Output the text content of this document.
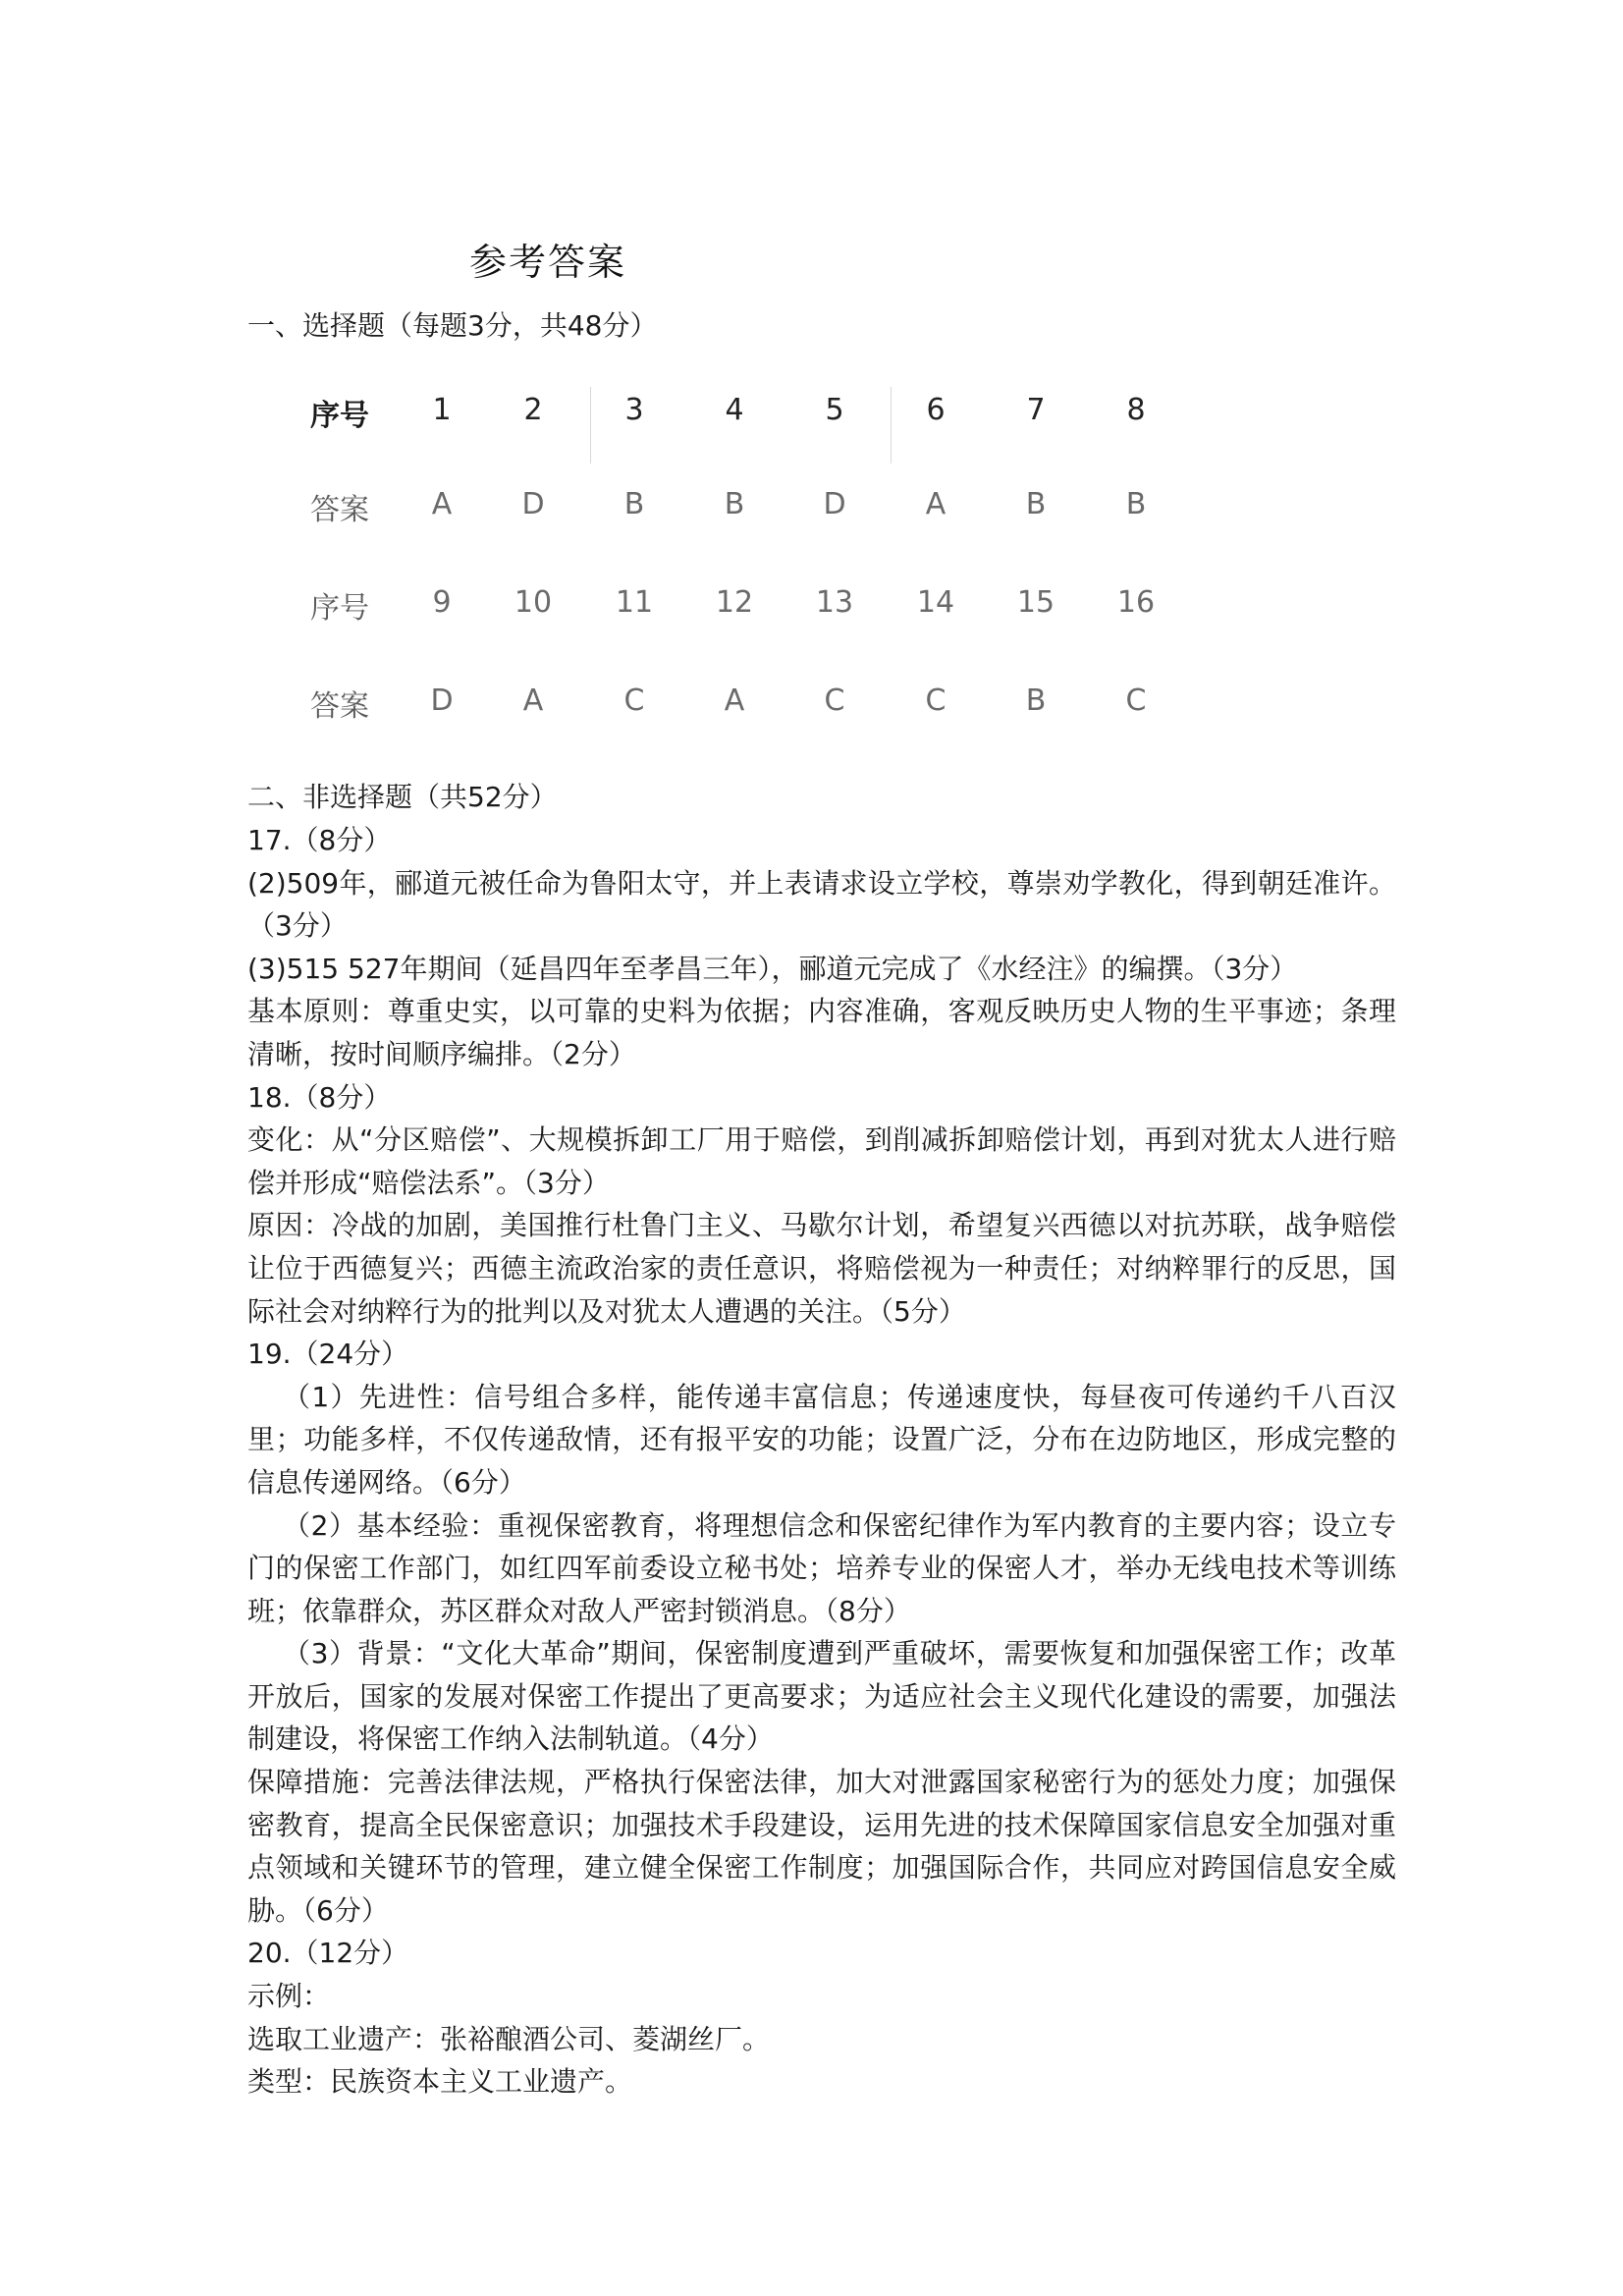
参考答案
一、选择题（每题3分，共48分）
序号	1	2	3	4	5	6	7	8
答案	A	D	B	B	D	A	B	B
序号	9	10	11	12	13	14	15	16
答案	D	A	C	A	C	C	B	C
二、非选择题（共52分）

17.（8分）

(2)509年，郦道元被任命为鲁阳太守，并上表请求设立学校，尊崇劝学教化，得到朝廷准许。（3分）

(3)515 527年期间（延昌四年至孝昌三年），郦道元完成了《水经注》的编撰。（3分）

基本原则：尊重史实，以可靠的史料为依据；内容准确，客观反映历史人物的生平事迹；条理清晰，按时间顺序编排。（2分）

18.（8分）

变化：从“分区赔偿”、大规模拆卸工厂用于赔偿，到削减拆卸赔偿计划，再到对犹太人进行赔偿并形成“赔偿法系”。（3分）

原因：冷战的加剧，美国推行杜鲁门主义、马歇尔计划，希望复兴西德以对抗苏联，战争赔偿让位于西德复兴；西德主流政治家的责任意识，将赔偿视为一种责任；对纳粹罪行的反思，国际社会对纳粹行为的批判以及对犹太人遭遇的关注。（5分）

19.（24分）

（1）先进性：信号组合多样，能传递丰富信息；传递速度快，每昼夜可传递约千八百汉里；功能多样，不仅传递敌情，还有报平安的功能；设置广泛，分布在边防地区，形成完整的信息传递网络。（6分）

（2）基本经验：重视保密教育，将理想信念和保密纪律作为军内教育的主要内容；设立专门的保密工作部门，如红四军前委设立秘书处；培养专业的保密人才，举办无线电技术等训练班；依靠群众，苏区群众对敌人严密封锁消息。（8分）

（3）背景：“文化大革命”期间，保密制度遭到严重破坏，需要恢复和加强保密工作；改革开放后，国家的发展对保密工作提出了更高要求；为适应社会主义现代化建设的需要，加强法制建设，将保密工作纳入法制轨道。（4分）

保障措施：完善法律法规，严格执行保密法律，加大对泄露国家秘密行为的惩处力度；加强保密教育，提高全民保密意识；加强技术手段建设，运用先进的技术保障国家信息安全加强对重点领域和关键环节的管理，建立健全保密工作制度；加强国际合作，共同应对跨国信息安全威胁。（6分）

20.（12分）

示例：

选取工业遗产：张裕酿酒公司、菱湖丝厂。

类型：民族资本主义工业遗产。
